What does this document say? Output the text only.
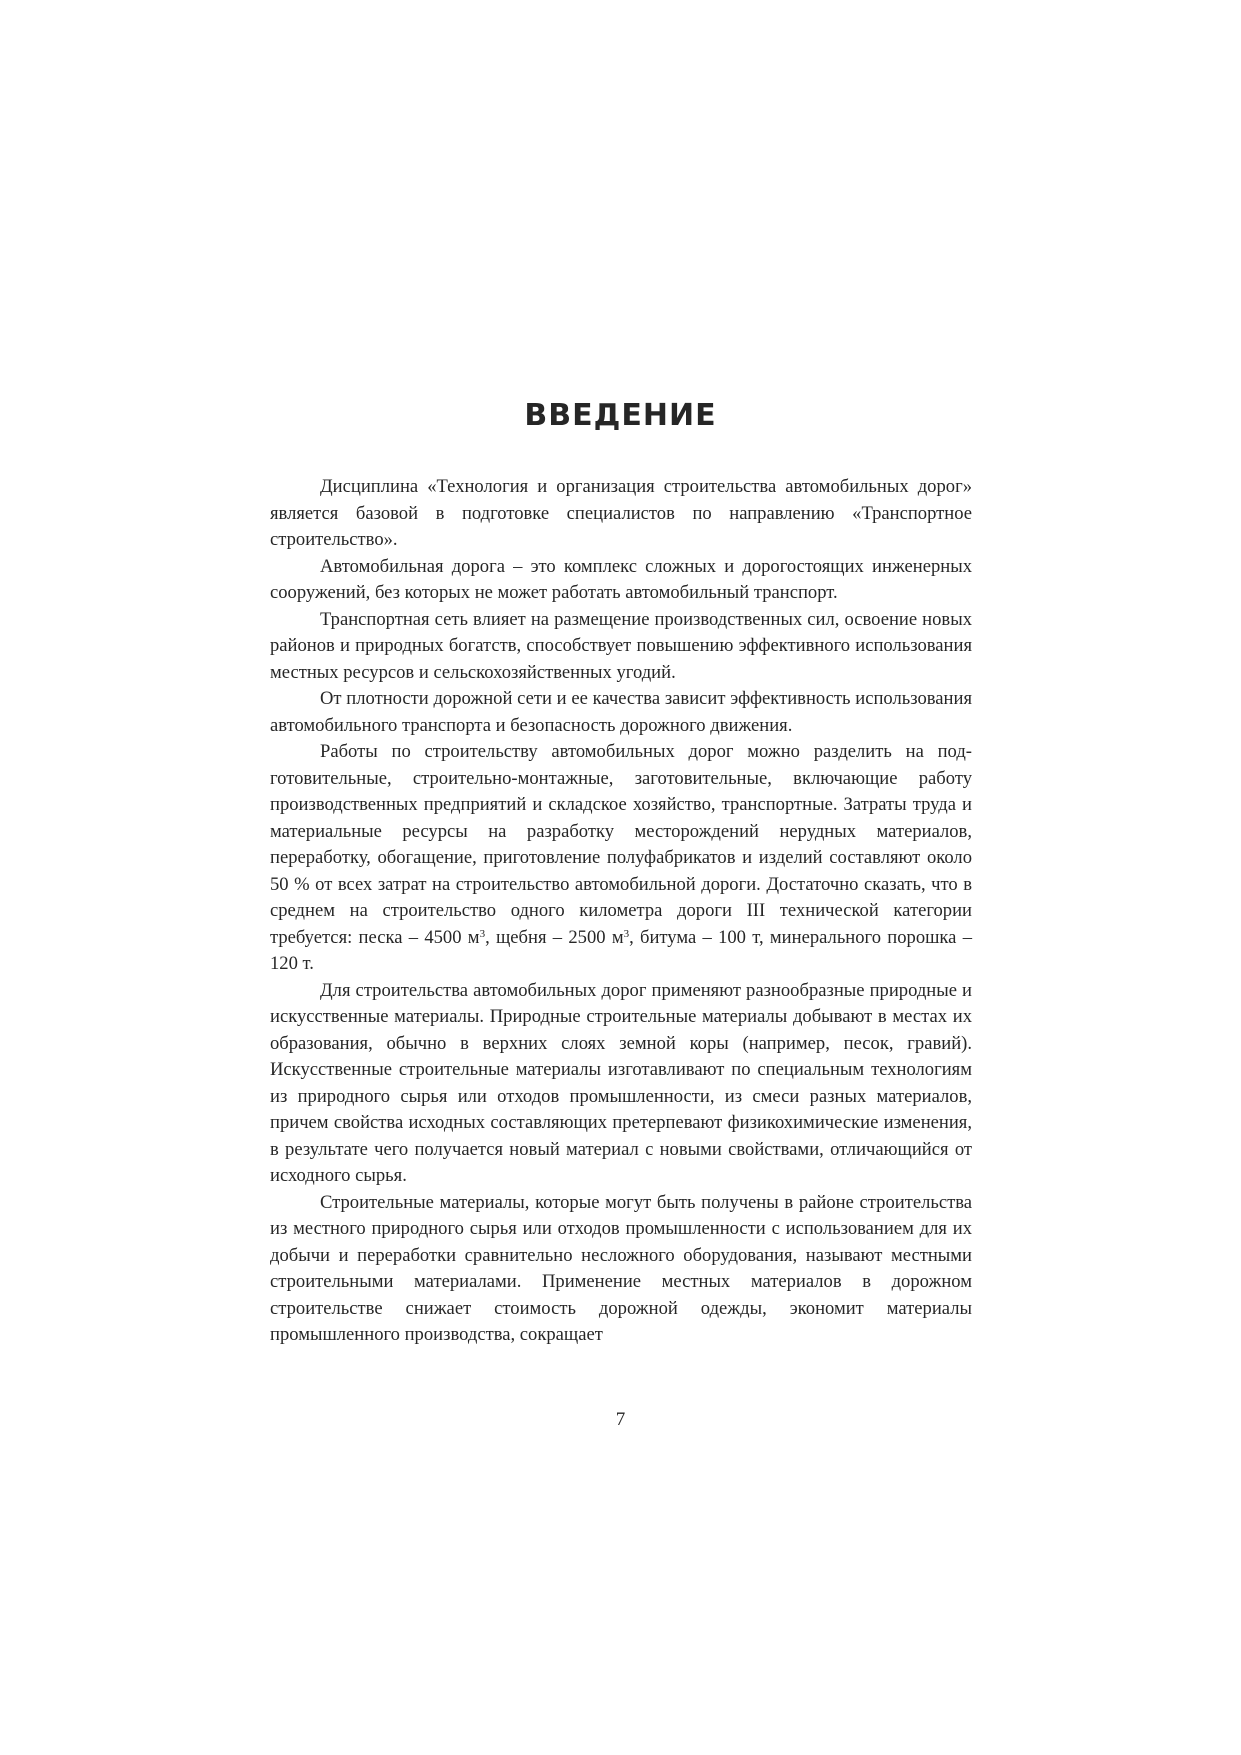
ВВЕДЕНИЕ

Дисциплина «Технология и организация строительства автомобильных дорог» является базовой в подготовке специалистов по направлению «Транспортное строительство».

Автомобильная дорога – это комплекс сложных и дорогостоящих инженерных сооружений, без которых не может работать автомобильный транспорт.

Транспортная сеть влияет на размещение производственных сил, освоение новых районов и природных богатств, способствует повышению эффективного использования местных ресурсов и сельскохозяйственных угодий.

От плотности дорожной сети и ее качества зависит эффективность использования автомобильного транспорта и безопасность дорожного движения.

Работы по строительству автомобильных дорог можно разделить на подготовительные, строительно-монтажные, заготовительные, включающие работу производственных предприятий и складское хозяйство, транспортные. Затраты труда и материальные ресурсы на разработку месторождений нерудных материалов, переработку, обогащение, приготовление полуфабрикатов и изделий составляют около 50 % от всех затрат на строительство автомобильной дороги. Достаточно сказать, что в среднем на строительство одного километра дороги III технической категории требуется: песка – 4500 $м^3$, щебня – 2500 $м^3$, битума – 100 т, минерального порошка – 120 т.

Для строительства автомобильных дорог применяют разнообразные природные и искусственные материалы. Природные строительные материалы добывают в местах их образования, обычно в верхних слоях земной коры (например, песок, гравий). Искусственные строительные материалы изготавливают по специальным технологиям из природного сырья или отходов промышленности, из смеси разных материалов, причем свойства исходных составляющих претерпевают физикохимические изменения, в результате чего получается новый материал с новыми свойствами, отличающийся от исходного сырья.

Строительные материалы, которые могут быть получены в районе строительства из местного природного сырья или отходов промышленности с использованием для их добычи и переработки сравнительно несложного оборудования, называют местными строительными материалами. Применение местных материалов в дорожном строительстве снижает стоимость дорожной одежды, экономит материалы промышленного производства, сокращает

7
